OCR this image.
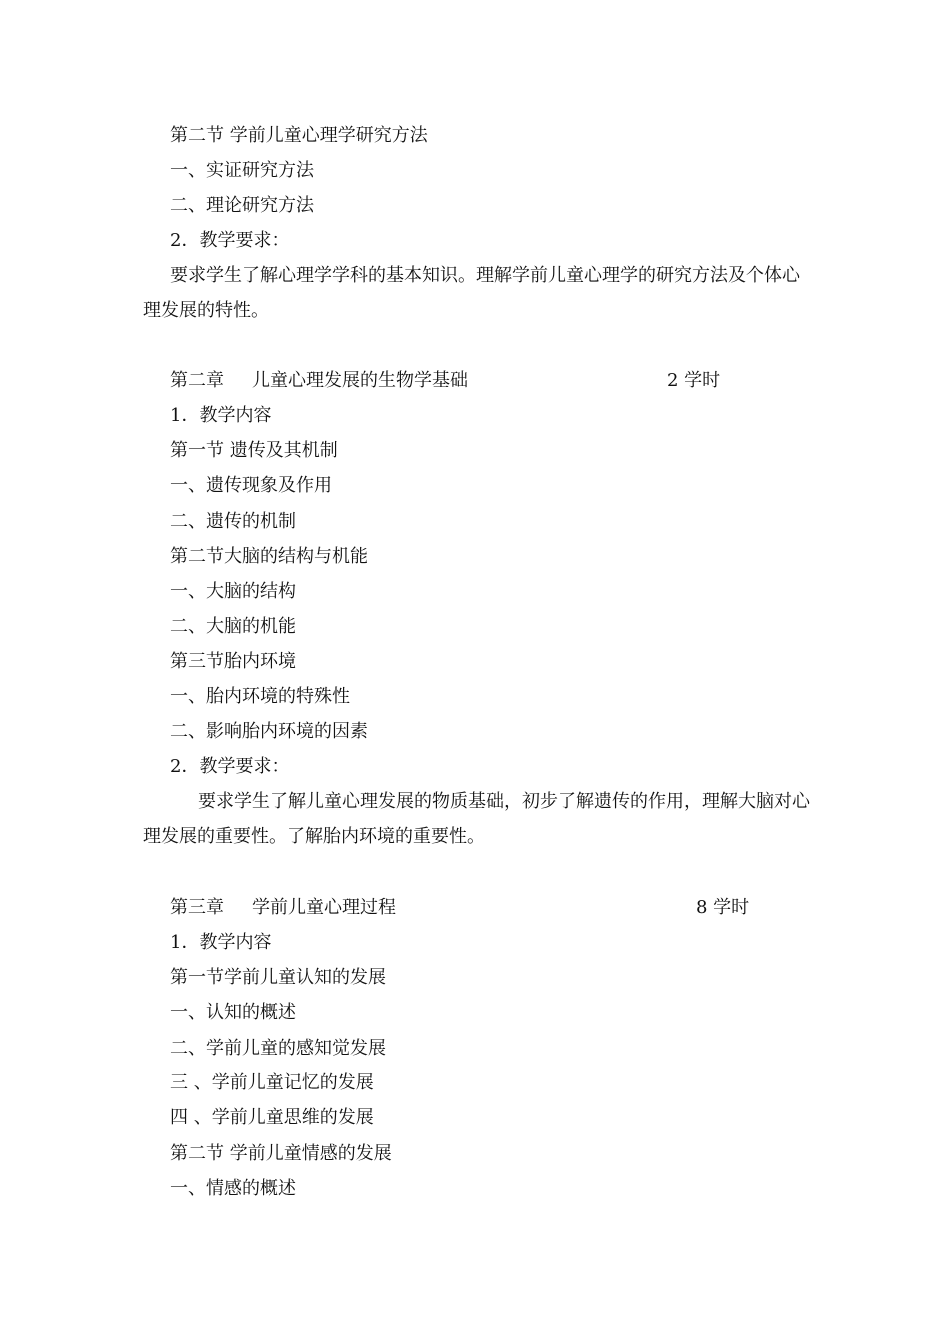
第二节 学前儿童心理学研究方法
一、实证研究方法
二、理论研究方法
2．教学要求：
要求学生了解心理学学科的基本知识。理解学前儿童心理学的研究方法及个体心理发展的特性。
第二章 儿童心理发展的生物学基础	2 学时
1．教学内容
第一节 遗传及其机制
一、遗传现象及作用
二、遗传的机制
第二节大脑的结构与机能
一、大脑的结构
二、大脑的机能
第三节胎内环境
一、胎内环境的特殊性
二、影响胎内环境的因素
2．教学要求：
要求学生了解儿童心理发展的物质基础，初步了解遗传的作用，理解大脑对心理发展的重要性。了解胎内环境的重要性。
第三章 学前儿童心理过程	8 学时
1．教学内容
第一节学前儿童认知的发展
一、认知的概述
二、学前儿童的感知觉发展
三 、学前儿童记忆的发展
四 、学前儿童思维的发展
第二节 学前儿童情感的发展
一、情感的概述
